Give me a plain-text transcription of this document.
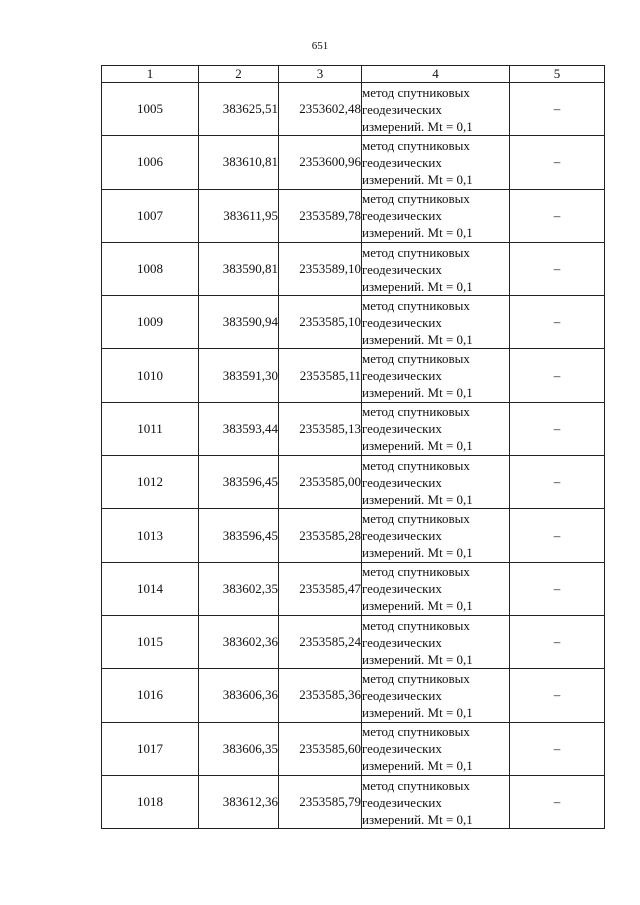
651
1	2	3	4	5
1005	383625,51	2353602,48	метод спутниковых
геодезических
измерений. Mt = 0,1	–
1006	383610,81	2353600,96	метод спутниковых
геодезических
измерений. Mt = 0,1	–
1007	383611,95	2353589,78	метод спутниковых
геодезических
измерений. Mt = 0,1	–
1008	383590,81	2353589,10	метод спутниковых
геодезических
измерений. Mt = 0,1	–
1009	383590,94	2353585,10	метод спутниковых
геодезических
измерений. Mt = 0,1	–
1010	383591,30	2353585,11	метод спутниковых
геодезических
измерений. Mt = 0,1	–
1011	383593,44	2353585,13	метод спутниковых
геодезических
измерений. Mt = 0,1	–
1012	383596,45	2353585,00	метод спутниковых
геодезических
измерений. Mt = 0,1	–
1013	383596,45	2353585,28	метод спутниковых
геодезических
измерений. Mt = 0,1	–
1014	383602,35	2353585,47	метод спутниковых
геодезических
измерений. Mt = 0,1	–
1015	383602,36	2353585,24	метод спутниковых
геодезических
измерений. Mt = 0,1	–
1016	383606,36	2353585,36	метод спутниковых
геодезических
измерений. Mt = 0,1	–
1017	383606,35	2353585,60	метод спутниковых
геодезических
измерений. Mt = 0,1	–
1018	383612,36	2353585,79	метод спутниковых
геодезических
измерений. Mt = 0,1	–
